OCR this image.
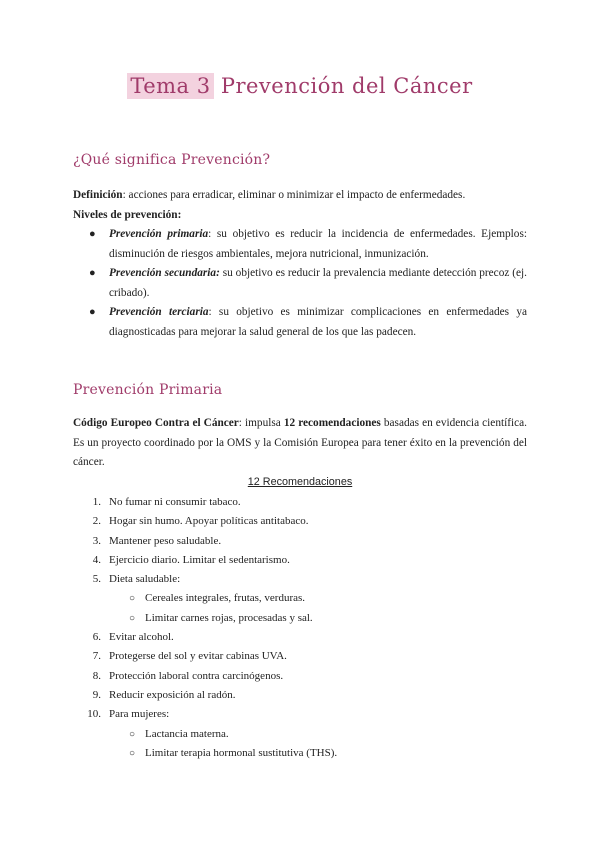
Tema 3 Prevención del Cáncer
¿Qué significa Prevención?
Definición: acciones para erradicar, eliminar o minimizar el impacto de enfermedades.
Niveles de prevención:
● Prevención primaria: su objetivo es reducir la incidencia de enfermedades. Ejemplos: disminución de riesgos ambientales, mejora nutricional, inmunización.
● Prevención secundaria: su objetivo es reducir la prevalencia mediante detección precoz (ej. cribado).
● Prevención terciaria: su objetivo es minimizar complicaciones en enfermedades ya diagnosticadas para mejorar la salud general de los que las padecen.
Prevención Primaria
Código Europeo Contra el Cáncer: impulsa 12 recomendaciones basadas en evidencia científica. Es un proyecto coordinado por la OMS y la Comisión Europea para tener éxito en la prevención del cáncer.
12 Recomendaciones
1. No fumar ni consumir tabaco.
2. Hogar sin humo. Apoyar políticas antitabaco.
3. Mantener peso saludable.
4. Ejercicio diario. Limitar el sedentarismo.
5. Dieta saludable:
○ Cereales integrales, frutas, verduras.
○ Limitar carnes rojas, procesadas y sal.
6. Evitar alcohol.
7. Protegerse del sol y evitar cabinas UVA.
8. Protección laboral contra carcinógenos.
9. Reducir exposición al radón.
10. Para mujeres:
○ Lactancia materna.
○ Limitar terapia hormonal sustitutiva (THS).
